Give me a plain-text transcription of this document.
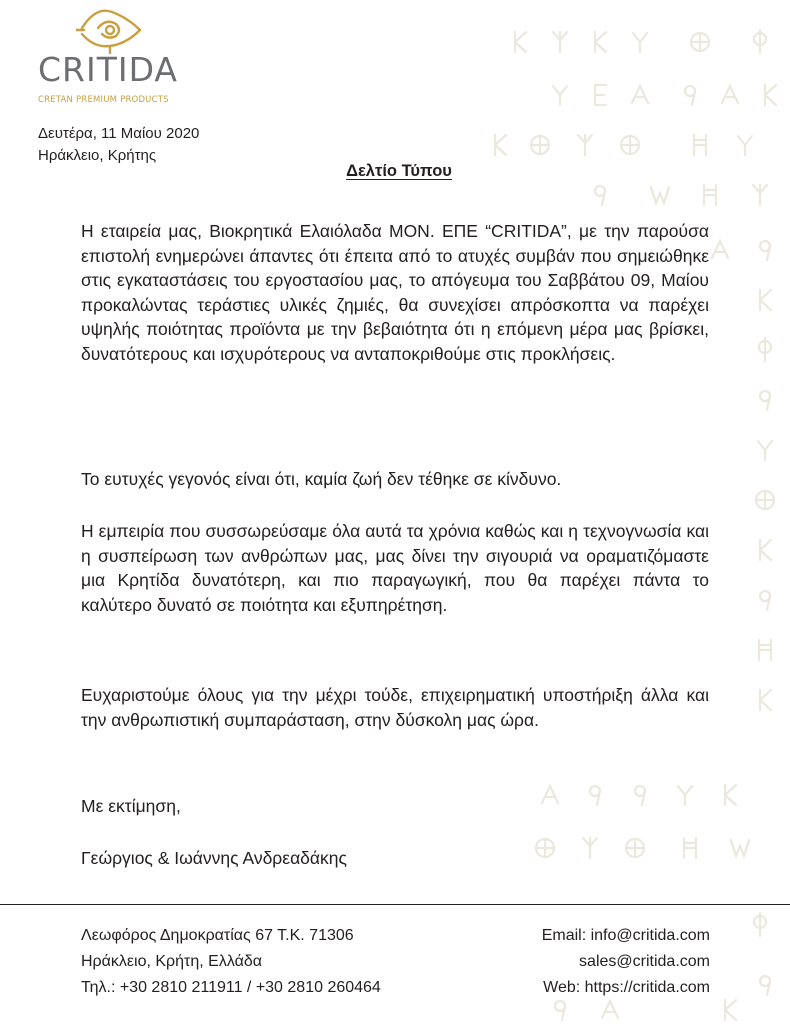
CRITIDA
CRETAN PREMIUM PRODUCTS
Δευτέρα, 11 Μαίου 2020
Ηράκλειο, Κρήτης
Δελτίο Τύπου
Η εταιρεία μας, Βιοκρητικά Ελαιόλαδα ΜΟΝ. ΕΠΕ “CRITIDA”, με την παρούσα επιστολή ενημερώνει άπαντες ότι έπειτα από το ατυχές συμβάν που σημειώθηκε στις εγκαταστάσεις του εργοστασίου μας, το απόγευμα του Σαββάτου 09, Μαίου προκαλώντας τεράστιες υλικές ζημιές, θα συνεχίσει απρόσκοπτα να παρέχει υψηλής ποιότητας προϊόντα με την βεβαιότητα ότι η επόμενη μέρα μας βρίσκει, δυνατότερους και ισχυρότερους να ανταποκριθούμε στις προκλήσεις.
Το ευτυχές γεγονός είναι ότι, καμία ζωή δεν τέθηκε σε κίνδυνο.
Η εμπειρία που συσσωρεύσαμε όλα αυτά τα χρόνια καθώς και η τεχνογνωσία και η συσπείρωση των ανθρώπων μας, μας δίνει την σιγουριά να οραματιζόμαστε μια Κρητίδα δυνατότερη, και πιο παραγωγική, που θα παρέχει πάντα το καλύτερο δυνατό σε ποιότητα και εξυπηρέτηση.
Ευχαριστούμε όλους για την μέχρι τούδε, επιχειρηματική υποστήριξη άλλα και την ανθρωπιστική συμπαράσταση, στην δύσκολη μας ώρα.
Με εκτίμηση,
Γεώργιος & Ιωάννης Ανδρεαδάκης
Λεωφόρος Δημοκρατίας 67 Τ.Κ. 71306
Ηράκλειο, Κρήτη, Ελλάδα
Τηλ.: +30 2810 211911 / +30 2810 260464
Email: info@critida.com
sales@critida.com
Web: https://critida.com
